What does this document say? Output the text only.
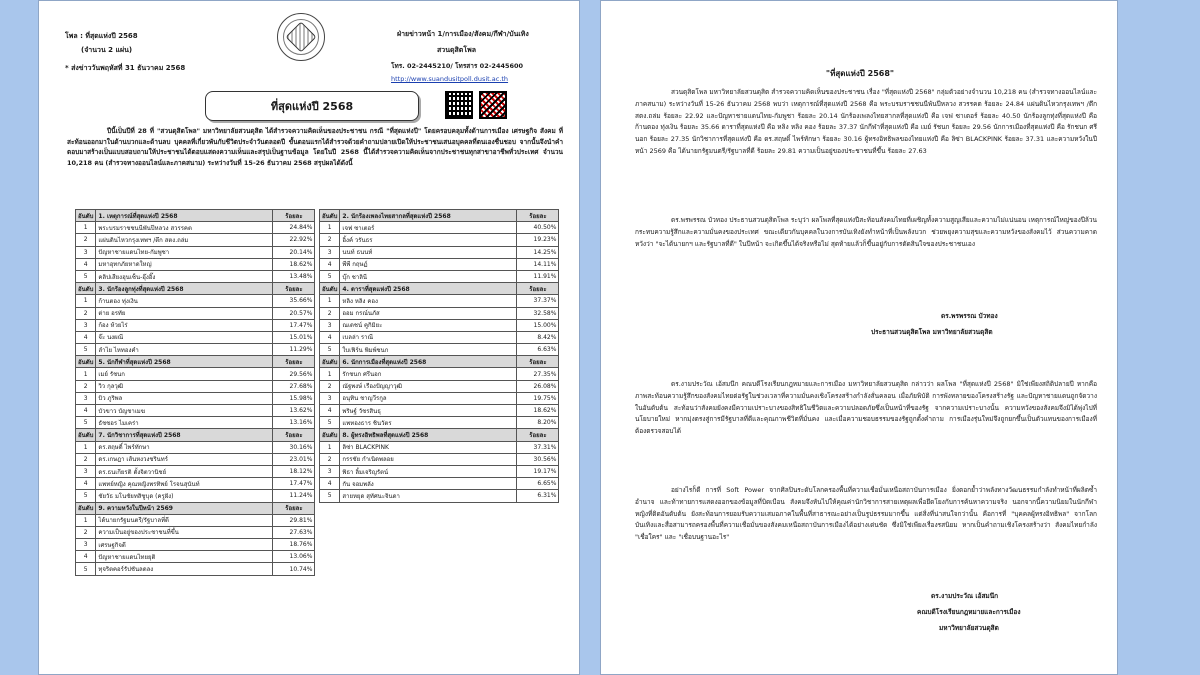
โพล : ที่สุดแห่งปี 2568
(จำนวน 2 แผ่น)
* ส่งข่าววันพฤหัสที่ 31 ธันวาคม 2568
ฝ่ายข่าวหน้า 1/การเมือง/สังคม/กีฬา/บันเทิง
สวนดุสิตโพล
โทร. 02-2445210/ โทรสาร 02-2445600
http://www.suandusitpoll.dusit.ac.th
ที่สุดแห่งปี 2568

ปีนี้เป็นปีที่ 28 ที่ "สวนดุสิตโพล" มหาวิทยาลัยสวนดุสิต ได้สำรวจความคิดเห็นของประชาชน กรณี "ที่สุดแห่งปี" โดยครอบคลุมทั้งด้านการเมือง เศรษฐกิจ สังคม ที่สะท้อนออกมาในด้านบวกและด้านลบ บุคคลที่เกี่ยวพันกับชีวิตประจำวันตลอดปี ขั้นตอนแรกได้สำรวจด้วยคำถามปลายเปิดให้ประชาชนเสนอบุคคลที่ตนเองชื่นชอบ จากนั้นจึงนำคำตอบมาสร้างเป็นแบบสอบถามให้ประชาชนได้ตอบแสดงความเห็นและสรุปเป็นฐานข้อมูล โดยในปี 2568 นี้ได้สำรวจความคิดเห็นจากประชาชนทุกสาขาอาชีพทั่วประเทศ จำนวน 10,218 คน (สำรวจทางออนไลน์และภาคสนาม) ระหว่างวันที่ 15-26 ธันวาคม 2568 สรุปผลได้ดังนี้

อันดับ	1. เหตุการณ์ที่สุดแห่งปี 2568	ร้อยละ
1	พระบรมราชชนนีพันปีหลวง สวรรคต	24.84%
2	แผ่นดินไหวกรุงเทพฯ /ตึก สตง.ถล่ม	22.92%
3	ปัญหาชายแดนไทย-กัมพูชา	20.14%
4	มหาอุทกภัยหาดใหญ่	18.62%
5	คลิปเสียงฮุนเซ็น-อุ๊งอิ๊ง	13.48%
อันดับ	3. นักร้องลูกทุ่งที่สุดแห่งปี 2568	ร้อยละ
1	ก้านตอง ทุ่งเงิน	35.66%
2	ต่าย อรทัย	20.57%
3	ก้อง ห้วยไร่	17.47%
4	จ๊ะ นงผณี	15.01%
5	ลำไย ไหทองคำ	11.29%
อันดับ	5. นักกีฬาที่สุดแห่งปี 2568	ร้อยละ
1	เมย์ รัชนก	29.56%
2	วิว กุลวุฒิ	27.68%
3	บิว ภูริพล	15.98%
4	บัวขาว บัญชาเมฆ	13.62%
5	ธัชชอร ไมเคร่า	13.16%
อันดับ	7. นักวิชาการที่สุดแห่งปี 2568	ร้อยละ
1	ดร.สฤษดิ์ ไพร์ทักษา	30.16%
2	ดร.เกษฎา เส้นหงวงชรินทร์	23.01%
3	ดร.ธนเกียรติ ตั้งจิตวานิชย์	18.12%
4	แพทย์หญิง คุณหญิงพรทิพย์ โรจนสุนันท์	17.47%
5	ชัยวัธ มโนชัยทสิชูบุด (ครูฝัง)	11.24%
อันดับ	9. ความหวังในปีหน้า 2569	ร้อยละ
1	ได้นายกรัฐมนตรี/รัฐบาลที่ดี	29.81%
2	ความเป็นอยู่ของประชาชนที่ขึ้น	27.63%
3	เศรษฐกิจดี	18.76%
4	ปัญหาชายแดนไทยยุติ	13.06%
5	ทุจริตคอร์รัปชันลดลง	10.74%
อันดับ	2. นักร้องเพลงไทยสากลที่สุดแห่งปี 2568	ร้อยละ
1	เจฟ ซาเตอร์	40.50%
2	อิ้งค์ วรันธร	19.23%
3	นนท์ ธนนท์	14.25%
4	พีพี กฤษฏ์	14.11%
5	บุ๊ก ชาลินี	11.91%
อันดับ	4. ดาราที่สุดแห่งปี 2568	ร้อยละ
1	หลิง หลิง คอง	37.37%
2	ออม กรณ์นภัส	32.58%
3	ณเดชน์ คูกิมิยะ	15.00%
4	เบลล่า ราณี	8.42%
5	ใบเฟิร์น พิมพ์ชนก	6.63%
อันดับ	6. นักการเมืองที่สุดแห่งปี 2568	ร้อยละ
1	รักชนก ศรีนอก	27.35%
2	ณัฐพงษ์ เรืองปัญญาวุฒิ	26.08%
3	อนุทิน ชาญวีรกูล	19.75%
4	พริษฐ์ วัชรสินธุ	18.62%
5	แพทองธาร ชินวัตร	8.20%
อันดับ	8. ผู้ทรงอิทธิพลที่สุดแห่งปี 2568	ร้อยละ
1	ลิซ่า BLACKPINK	37.31%
2	กรรชัย กำเนิดพลอย	30.56%
3	พิธา ลิ้มเจริญรัตน์	19.17%
4	กัน จอมพลัง	6.65%
5	สายหยุด สุทัศนะจินดา	6.31%
"ที่สุดแห่งปี 2568"

สวนดุสิตโพล มหาวิทยาลัยสวนดุสิต สำรวจความคิดเห็นของประชาชน เรื่อง "ที่สุดแห่งปี 2568" กลุ่มตัวอย่างจำนวน 10,218 คน (สำรวจทางออนไลน์และภาคสนาม) ระหว่างวันที่ 15-26 ธันวาคม 2568 พบว่า เหตุการณ์ที่สุดแห่งปี 2568 คือ พระบรมราชชนนีพันปีหลวง สวรรคต ร้อยละ 24.84 แผ่นดินไหวกรุงเทพฯ /ตึก สตง.ถล่ม ร้อยละ 22.92 และปัญหาชายแดนไทย-กัมพูชา ร้อยละ 20.14 นักร้องเพลงไทยสากลที่สุดแห่งปี คือ เจฟ ซาเตอร์ ร้อยละ 40.50 นักร้องลูกทุ่งที่สุดแห่งปี คือ ก้านตอง ทุ่งเงิน ร้อยละ 35.66 ดาราที่สุดแห่งปี คือ หลิง หลิง คอง ร้อยละ 37.37 นักกีฬาที่สุดแห่งปี คือ เมย์ รัชนก ร้อยละ 29.56 นักการเมืองที่สุดแห่งปี คือ รักชนก ศรีนอก ร้อยละ 27.35 นักวิชาการที่สุดแห่งปี คือ ดร.สฤษดิ์ ไพร์ทักษา ร้อยละ 30.16 ผู้ทรงอิทธิพลของไทยแห่งปี คือ ลิซ่า BLACKPINK ร้อยละ 37.31 และความหวังในปีหน้า 2569 คือ ได้นายกรัฐมนตรี/รัฐบาลที่ดี ร้อยละ 29.81 ความเป็นอยู่ของประชาชนที่ขึ้น ร้อยละ 27.63

ดร.พรพรรณ บัวทอง ประธานสวนดุสิตโพล ระบุว่า ผลโพลที่สุดแห่งปีสะท้อนสังคมไทยที่เผชิญทั้งความสูญเสียและความไม่แน่นอน เหตุการณ์ใหญ่ของปีล้วนกระทบความรู้สึกและความมั่นคงของประเทศ ขณะเดียวกันบุคคลในวงการบันเทิงยังทำหน้าที่เป็นพลังบวก ช่วยพยุงความสุขและความหวังของสังคมไว้ ส่วนความคาดหวังว่า "จะได้นายกฯ และรัฐบาลที่ดี" ในปีหน้า จะเกิดขึ้นได้จริงหรือไม่ สุดท้ายแล้วก็ขึ้นอยู่กับการตัดสินใจของประชาชนเอง

ดร.พรพรรณ บัวทอง
ประธานสวนดุสิตโพล มหาวิทยาลัยสวนดุสิต

ดร.งามประวัณ เอ้สมนึก คณบดีโรงเรียนกฎหมายและการเมือง มหาวิทยาลัยสวนดุสิต กล่าวว่า ผลโพล "ที่สุดแห่งปี 2568" มิใช่เพียงสถิติปลายปี หากคือภาพสะท้อนความรู้สึกของสังคมไทยต่อรัฐในช่วงเวลาที่ความมั่นคงเชิงโครงสร้างกำลังสั่นคลอน เมื่อภัยพิบัติ การพังทลายของโครงสร้างรัฐ และปัญหาชายแดนถูกจัดวางในอันดับต้น สะท้อนว่าสังคมยังคงมีความเปราะบางของสิทธิในชีวิตและความปลอดภัยซึ่งเป็นหน้าที่ของรัฐ จากความเปราะบางนั้น ความหวังของสังคมจึงมิได้พุ่งไปที่นโยบายใหม่ หากมุ่งตรงสู่การมีรัฐบาลที่ดีและคุณภาพชีวิตที่มั่นคง และเมื่อความชอบธรรมของรัฐถูกตั้งคำถาม การเมืองรุ่นใหม่จึงถูกยกขึ้นเป็นตัวแทนของการเมืองที่ต้องตรวจสอบได้

อย่างไรก็ดี การที่ Soft Power จากศิลปินระดับโลกครองพื้นที่ความเชื่อมั่นเหนือสถาบันการเมือง ยิ่งตอกย้ำว่าพลังทางวัฒนธรรมกำลังทำหน้าที่ผลิตซ้ำอำนาจ และท้าทายการแสดงออกของข้อมูลที่บิดเบือน สังคมจึงหันไปให้คุณค่านักวิชาการสายเหตุผลเพื่อยึดโยงกับการค้นหาความจริง นอกจากนี้ความนิยมในนักกีฬาหญิงที่ติดอันดับต้น ยังสะท้อนการยอมรับความเสมอภาคในพื้นที่สาธารณะอย่างเป็นรูปธรรมมากขึ้น แต่สิ่งที่น่าสนใจกว่านั้น คือการที่ "บุคคลผู้ทรงอิทธิพล" จากโลกบันเทิงและสื่อสามารถครองพื้นที่ความเชื่อมั่นของสังคมเหนือสถาบันการเมืองได้อย่างเด่นชัด ซึ่งมิใช่เพียงเรื่องรสนิยม หากเป็นคำถามเชิงโครงสร้างว่า สังคมไทยกำลัง "เชื่อใคร" และ "เชื่อบนฐานอะไร"

ดร.งามประวัณ เอ้สมนึก
คณบดีโรงเรียนกฎหมายและการเมือง
มหาวิทยาลัยสวนดุสิต
